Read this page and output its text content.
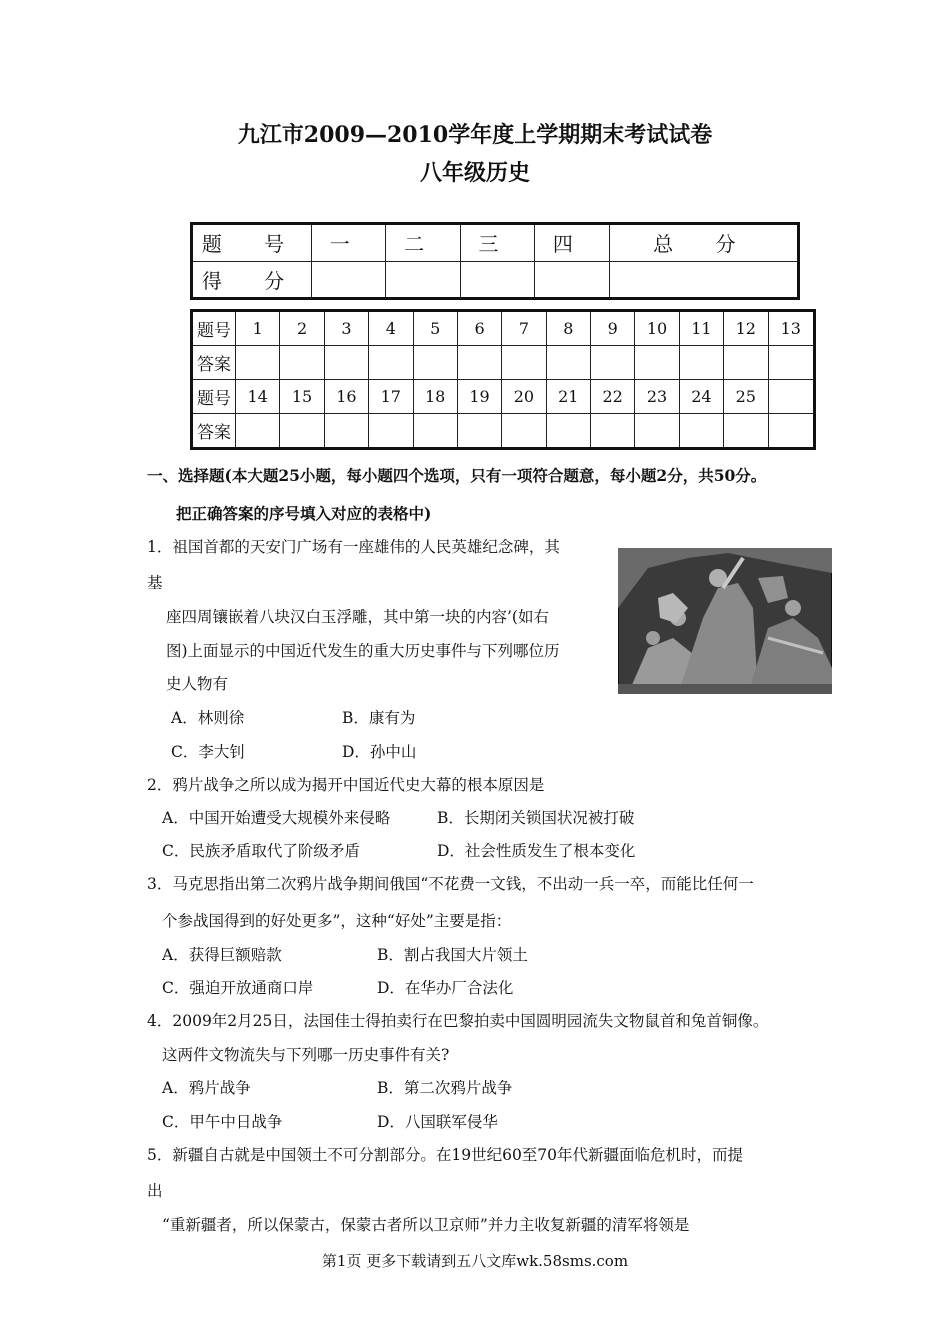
九江市2009—2010学年度上学期期末考试试卷
八年级历史
题 号	一	二	三	四	总 分
得 分					
题号	1	2	3	4	5	6	7	8	9	10	11	12	13
答案													
题号	14	15	16	17	18	19	20	21	22	23	24	25	
答案													
一、选择题(本大题25小题，每小题四个选项，只有一项符合题意，每小题2分，共50分。
把正确答案的序号填入对应的表格中)
1．祖国首都的天安门广场有一座雄伟的人民英雄纪念碑，其
基
座四周镶嵌着八块汉白玉浮雕，其中第一块的内容’(如右
图)上面显示的中国近代发生的重大历史事件与下列哪位历
史人物有
A．林则徐	B．康有为
C．李大钊	D．孙中山
2．鸦片战争之所以成为揭开中国近代史大幕的根本原因是
A．中国开始遭受大规模外来侵略	B．长期闭关锁国状况被打破
C．民族矛盾取代了阶级矛盾	D．社会性质发生了根本变化
3．马克思指出第二次鸦片战争期间俄国“不花费一文钱，不出动一兵一卒，而能比任何一
个参战国得到的好处更多”，这种“好处”主要是指：
A．获得巨额赔款	B．割占我国大片领土
C．强迫开放通商口岸	D．在华办厂合法化
4．2009年2月25日，法国佳士得拍卖行在巴黎拍卖中国圆明园流失文物鼠首和兔首铜像。
这两件文物流失与下列哪一历史事件有关?
A．鸦片战争	B．第二次鸦片战争
C．甲午中日战争	D．八国联军侵华
5．新疆自古就是中国领土不可分割部分。在19世纪60至70年代新疆面临危机时，而提
出
“重新疆者，所以保蒙古，保蒙古者所以卫京师”并力主收复新疆的清军将领是
第1页 更多下载请到五八文库wk.58sms.com
